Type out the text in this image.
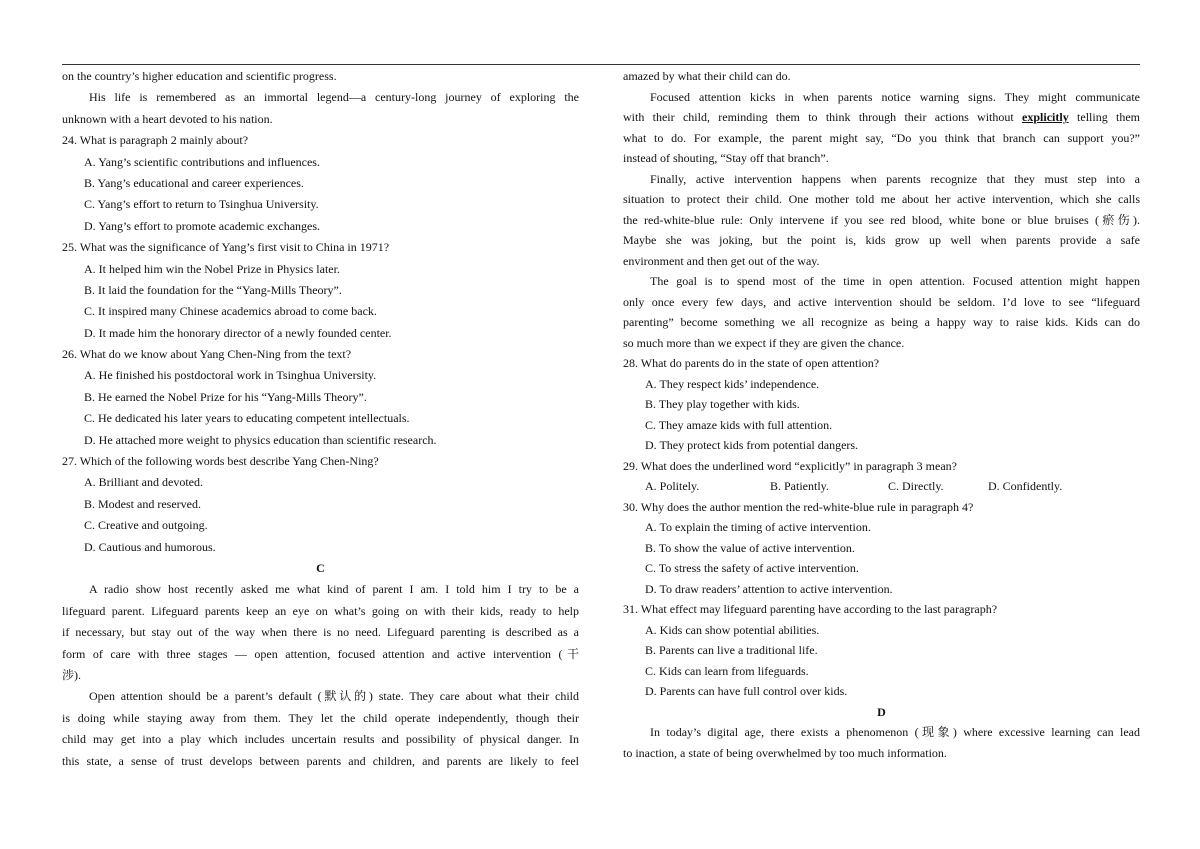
on the country’s higher education and scientific progress.
His life is remembered as an immortal legend—a century-long journey of exploring the
unknown with a heart devoted to his nation.
24. What is paragraph 2 mainly about?
A. Yang’s scientific contributions and influences.
B. Yang’s educational and career experiences.
C. Yang’s effort to return to Tsinghua University.
D. Yang’s effort to promote academic exchanges.
25. What was the significance of Yang’s first visit to China in 1971?
A. It helped him win the Nobel Prize in Physics later.
B. It laid the foundation for the “Yang-Mills Theory”.
C. It inspired many Chinese academics abroad to come back.
D. It made him the honorary director of a newly founded center.
26. What do we know about Yang Chen-Ning from the text?
A. He finished his postdoctoral work in Tsinghua University.
B. He earned the Nobel Prize for his “Yang-Mills Theory”.
C. He dedicated his later years to educating competent intellectuals.
D. He attached more weight to physics education than scientific research.
27. Which of the following words best describe Yang Chen-Ning?
A. Brilliant and devoted.
B. Modest and reserved.
C. Creative and outgoing.
D. Cautious and humorous.
C
A radio show host recently asked me what kind of parent I am. I told him I try to be a
lifeguard parent. Lifeguard parents keep an eye on what’s going on with their kids, ready to help
if necessary, but stay out of the way when there is no need. Lifeguard parenting is described as a
form of care with three stages — open attention, focused attention and active intervention (干
涉).
Open attention should be a parent’s default (默认的) state. They care about what their child
is doing while staying away from them. They let the child operate independently, though their
child may get into a play which includes uncertain results and possibility of physical danger. In
this state, a sense of trust develops between parents and children, and parents are likely to feel
amazed by what their child can do.
Focused attention kicks in when parents notice warning signs. They might communicate
with their child, reminding them to think through their actions without explicitly telling them
what to do. For example, the parent might say, “Do you think that branch can support you?”
instead of shouting, “Stay off that branch”.
Finally, active intervention happens when parents recognize that they must step into a
situation to protect their child. One mother told me about her active intervention, which she calls
the red-white-blue rule: Only intervene if you see red blood, white bone or blue bruises (瘀伤).
Maybe she was joking, but the point is, kids grow up well when parents provide a safe
environment and then get out of the way.
The goal is to spend most of the time in open attention. Focused attention might happen
only once every few days, and active intervention should be seldom. I’d love to see “lifeguard
parenting” become something we all recognize as being a happy way to raise kids. Kids can do
so much more than we expect if they are given the chance.
28. What do parents do in the state of open attention?
A. They respect kids’ independence.
B. They play together with kids.
C. They amaze kids with full attention.
D. They protect kids from potential dangers.
29. What does the underlined word “explicitly” in paragraph 3 mean?
A. Politely.	B. Patiently.	C. Directly.	D. Confidently.
30. Why does the author mention the red-white-blue rule in paragraph 4?
A. To explain the timing of active intervention.
B. To show the value of active intervention.
C. To stress the safety of active intervention.
D. To draw readers’ attention to active intervention.
31. What effect may lifeguard parenting have according to the last paragraph?
A. Kids can show potential abilities.
B. Parents can live a traditional life.
C. Kids can learn from lifeguards.
D. Parents can have full control over kids.
D
In today’s digital age, there exists a phenomenon (现象) where excessive learning can lead
to inaction, a state of being overwhelmed by too much information.
